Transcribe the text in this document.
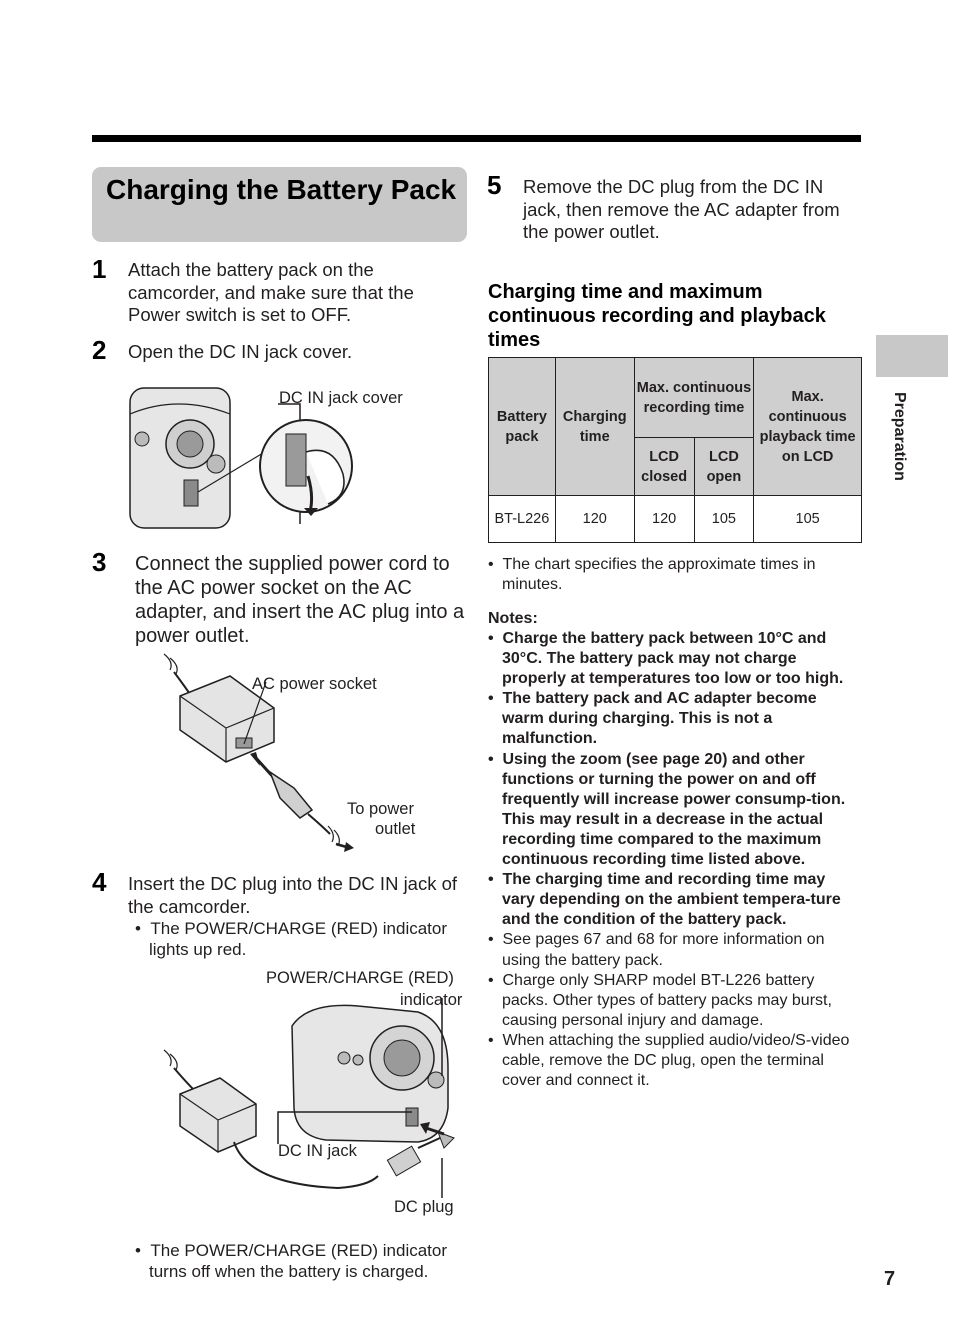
Charging the Battery Pack
1 Attach the battery pack on the camcorder, and make sure that the Power switch is set to OFF.
2 Open the DC IN jack cover.
DC IN jack cover
3 Connect the supplied power cord to the AC power socket on the AC adapter, and insert the AC plug into a power outlet.
AC power socket
To power
outlet
4 Insert the DC plug into the DC IN jack of the camcorder.
•  The POWER/CHARGE (RED) indicator lights up red.
POWER/CHARGE (RED)
indicator
DC IN jack
DC plug
•  The POWER/CHARGE (RED) indicator turns off when the battery is charged.
5 Remove the DC plug from the DC IN jack, then remove the AC adapter from the power outlet.
Charging time and maximum continuous recording and playback times
Battery pack	Charging time	Max. continuous recording time		Max. continuous playback time on LCD
		LCD closed	LCD open	
BT-L226	120	120	105	105
•  The chart specifies the approximate times in minutes.
Notes:
•  Charge the battery pack between 10°C and 30°C. The battery pack may not charge properly at temperatures too low or too high.
•  The battery pack and AC adapter become warm during charging. This is not a malfunction.
•  Using the zoom (see page 20) and other functions or turning the power on and off frequently will increase power consump-tion. This may result in a decrease in the actual recording time compared to the maximum continuous recording time listed above.
•  The charging time and recording time may vary depending on the ambient tempera-ture and the condition of the battery pack.
•  See pages 67 and 68 for more information on using the battery pack.
•  Charge only SHARP model BT-L226 battery packs. Other types of battery packs may burst, causing personal injury and damage.
•  When attaching the supplied audio/video/S-video cable, remove the DC plug, open the terminal cover and connect it.
Preparation
7
